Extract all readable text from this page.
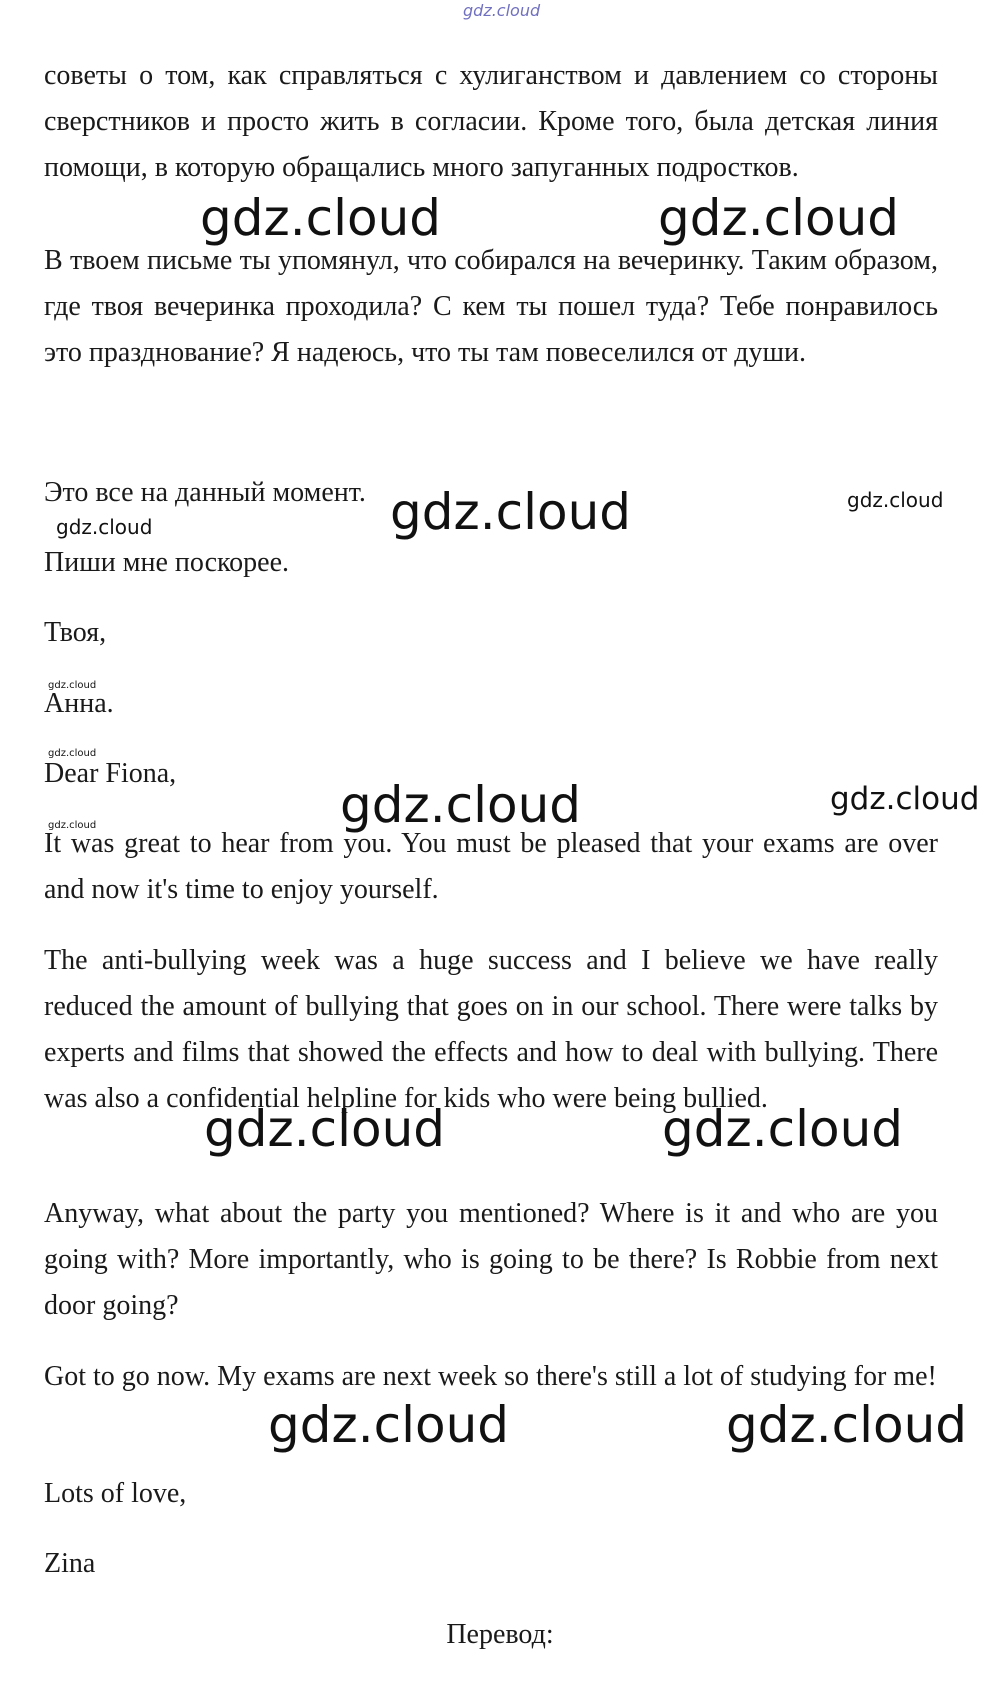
gdz.cloud

советы о том, как справляться с хулиганством и давлением со стороны сверстников и просто жить в согласии. Кроме того, была детская линия помощи, в которую обращались много запуганных подростков.

В твоем письме ты упомянул, что собирался на вечеринку. Таким образом, где твоя вечеринка проходила? С кем ты пошел туда? Тебе понравилось это празднование? Я надеюсь, что ты там повеселился от души.

Это все на данный момент.

Пиши мне поскорее.

Твоя,

Анна.

Dear Fiona,

It was great to hear from you. You must be pleased that your exams are over and now it's time to enjoy yourself.

The anti-bullying week was a huge success and I believe we have really reduced the amount of bullying that goes on in our school. There were talks by experts and films that showed the effects and how to deal with bullying. There was also a confidential helpline for kids who were being bullied.

Anyway, what about the party you mentioned? Where is it and who are you going with? More importantly, who is going to be there? Is Robbie from next door going?

Got to go now. My exams are next week so there's still a lot of studying for me!

Lots of love,

Zina

Перевод:

gdz.cloud	gdz.cloud
gdz.cloud	gdz.cloud
gdz.cloud
gdz.cloud
gdz.cloud
gdz.cloud	gdz.cloud	gdz.cloud
gdz.cloud	gdz.cloud
gdz.cloud	gdz.cloud
